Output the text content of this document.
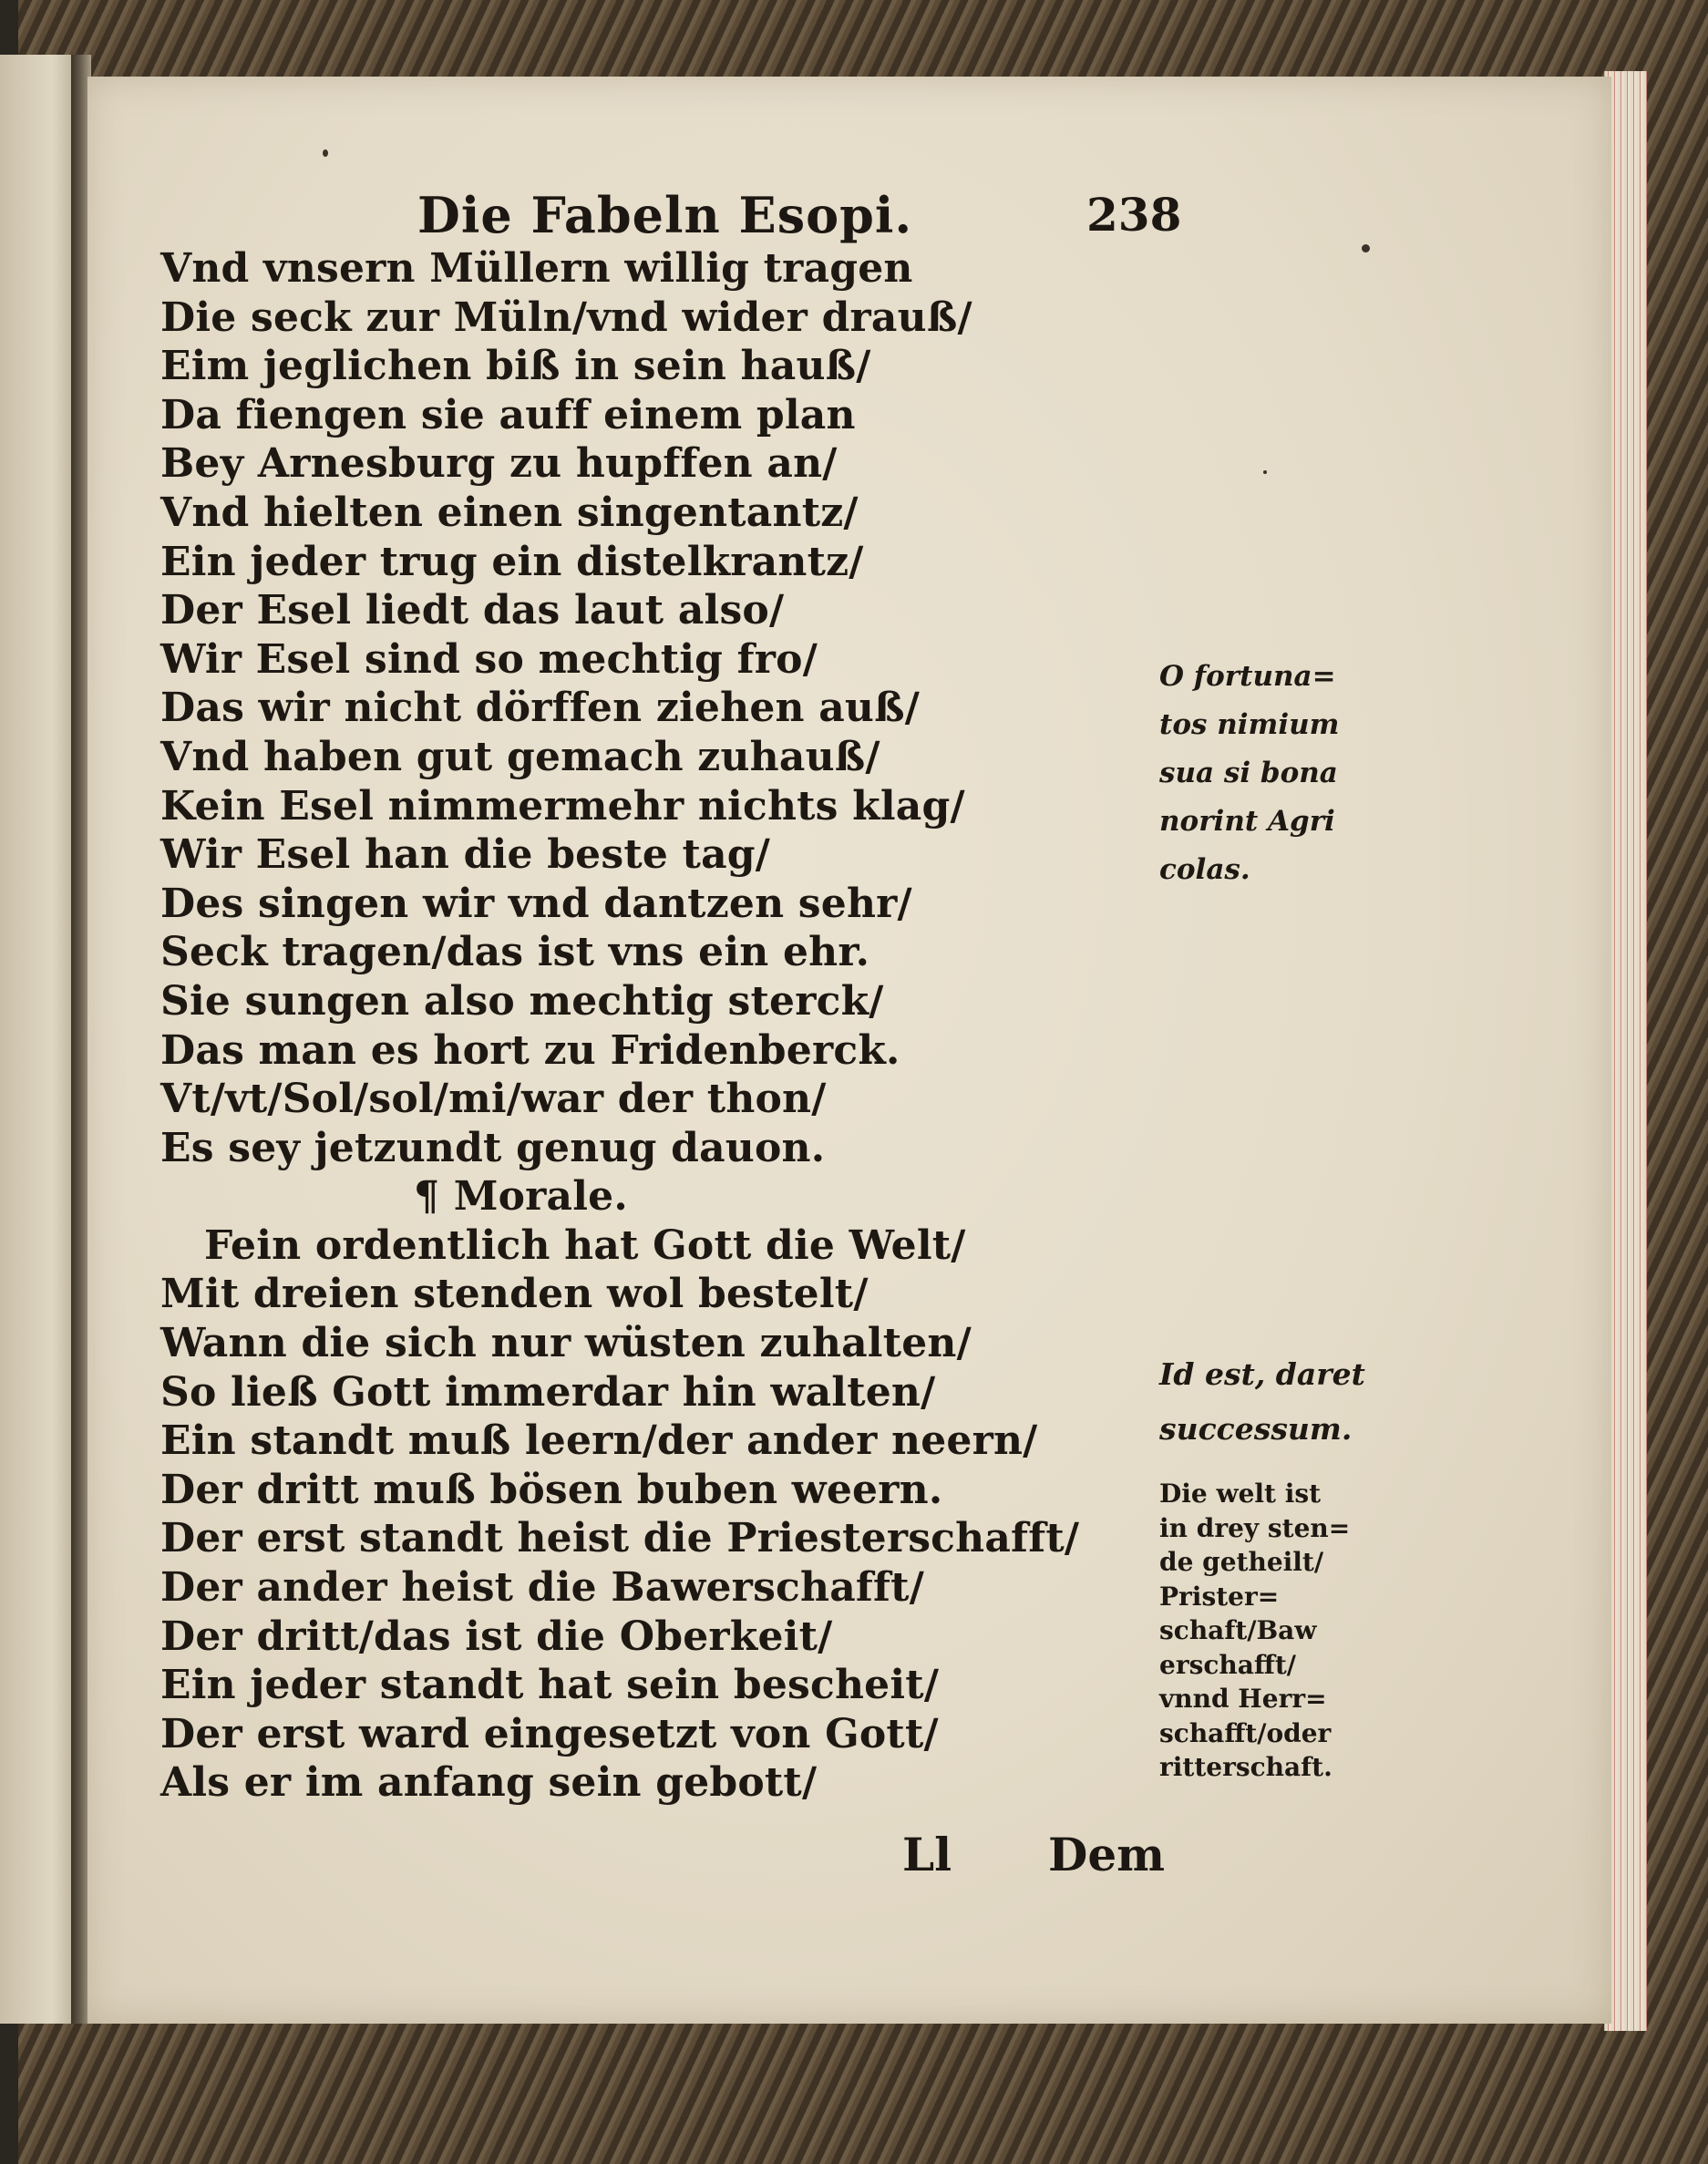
Die Fabeln Esopi.	238
Vnd vnsern Müllern willig tragen
Die seck zur Müln/vnd wider drauß/
Eim jeglichen biß in sein hauß/
Da fiengen sie auff einem plan
Bey Arnesburg zu hupffen an/
Vnd hielten einen singentantz/
Ein jeder trug ein distelkrantz/
Der Esel liedt das laut also/
Wir Esel sind so mechtig fro/
Das wir nicht dörffen ziehen auß/
Vnd haben gut gemach zuhauß/
Kein Esel nimmermehr nichts klag/
Wir Esel han die beste tag/
Des singen wir vnd dantzen sehr/
Seck tragen/das ist vns ein ehr.
Sie sungen also mechtig sterck/
Das man es hort zu Fridenberck.
Vt/vt/Sol/sol/mi/war der thon/
Es sey jetzundt genug dauon.
¶ Morale.
Fein ordentlich hat Gott die Welt/
Mit dreien stenden wol bestelt/
Wann die sich nur wüsten zuhalten/
So ließ Gott immerdar hin walten/
Ein standt muß leern/der ander neern/
Der dritt muß bösen buben weern.
Der erst standt heist die Priesterschafft/
Der ander heist die Bawerschafft/
Der dritt/das ist die Oberkeit/
Ein jeder standt hat sein bescheit/
Der erst ward eingesetzt von Gott/
Als er im anfang sein gebott/
O fortuna=
tos nimium
sua si bona
norint Agri
colas.
Id est, daret
successum.
Die welt ist
in drey sten=
de getheilt/
Prister=
schaft/Baw
erschafft/
vnnd Herr=
schafft/oder
ritterschaft.
Ll Dem
